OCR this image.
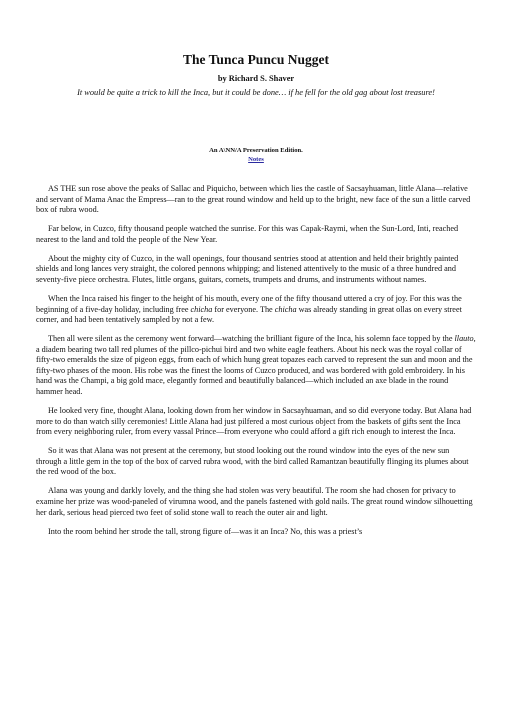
The Tunca Puncu Nugget
by Richard S. Shaver
It would be quite a trick to kill the Inca, but it could be done… if he fell for the old gag about lost treasure!
An A\NN/A Preservation Edition.
Notes

AS THE sun rose above the peaks of Sallac and Piquicho, between which lies the castle of Sacsayhuaman, little Alana—relative and servant of Mama Anac the Empress—ran to the great round window and held up to the bright, new face of the sun a little carved box of rubra wood.

Far below, in Cuzco, fifty thousand people watched the sunrise. For this was Capak-Raymi, when the Sun-Lord, Inti, reached nearest to the land and told the people of the New Year.

About the mighty city of Cuzco, in the wall openings, four thousand sentries stood at attention and held their brightly painted shields and long lances very straight, the colored pennons whipping; and listened attentively to the music of a three hundred and seventy-five piece orchestra. Flutes, little organs, guitars, cornets, trumpets and drums, and instruments without names.

When the Inca raised his finger to the height of his mouth, every one of the fifty thousand uttered a cry of joy. For this was the beginning of a five-day holiday, including free chicha for everyone. The chicha was already standing in great ollas on every street corner, and had been tentatively sampled by not a few.

Then all were silent as the ceremony went forward—watching the brilliant figure of the Inca, his solemn face topped by the llauto, a diadem bearing two tall red plumes of the pillco-pichui bird and two white eagle feathers. About his neck was the royal collar of fifty-two emeralds the size of pigeon eggs, from each of which hung great topazes each carved to represent the sun and moon and the fifty-two phases of the moon. His robe was the finest the looms of Cuzco produced, and was bordered with gold embroidery. In his hand was the Champi, a big gold mace, elegantly formed and beautifully balanced—which included an axe blade in the round hammer head.

He looked very fine, thought Alana, looking down from her window in Sacsayhuaman, and so did everyone today. But Alana had more to do than watch silly ceremonies! Little Alana had just pilfered a most curious object from the baskets of gifts sent the Inca from every neighboring ruler, from every vassal Prince—from everyone who could afford a gift rich enough to interest the Inca.

So it was that Alana was not present at the ceremony, but stood looking out the round window into the eyes of the new sun through a little gem in the top of the box of carved rubra wood, with the bird called Ramantzan beautifully flinging its plumes about the red wood of the box.

Alana was young and darkly lovely, and the thing she had stolen was very beautiful. The room she had chosen for privacy to examine her prize was wood-paneled of virumna wood, and the panels fastened with gold nails. The great round window silhouetting her dark, serious head pierced two feet of solid stone wall to reach the outer air and light.

Into the room behind her strode the tall, strong figure of—was it an Inca? No, this was a priest’s
